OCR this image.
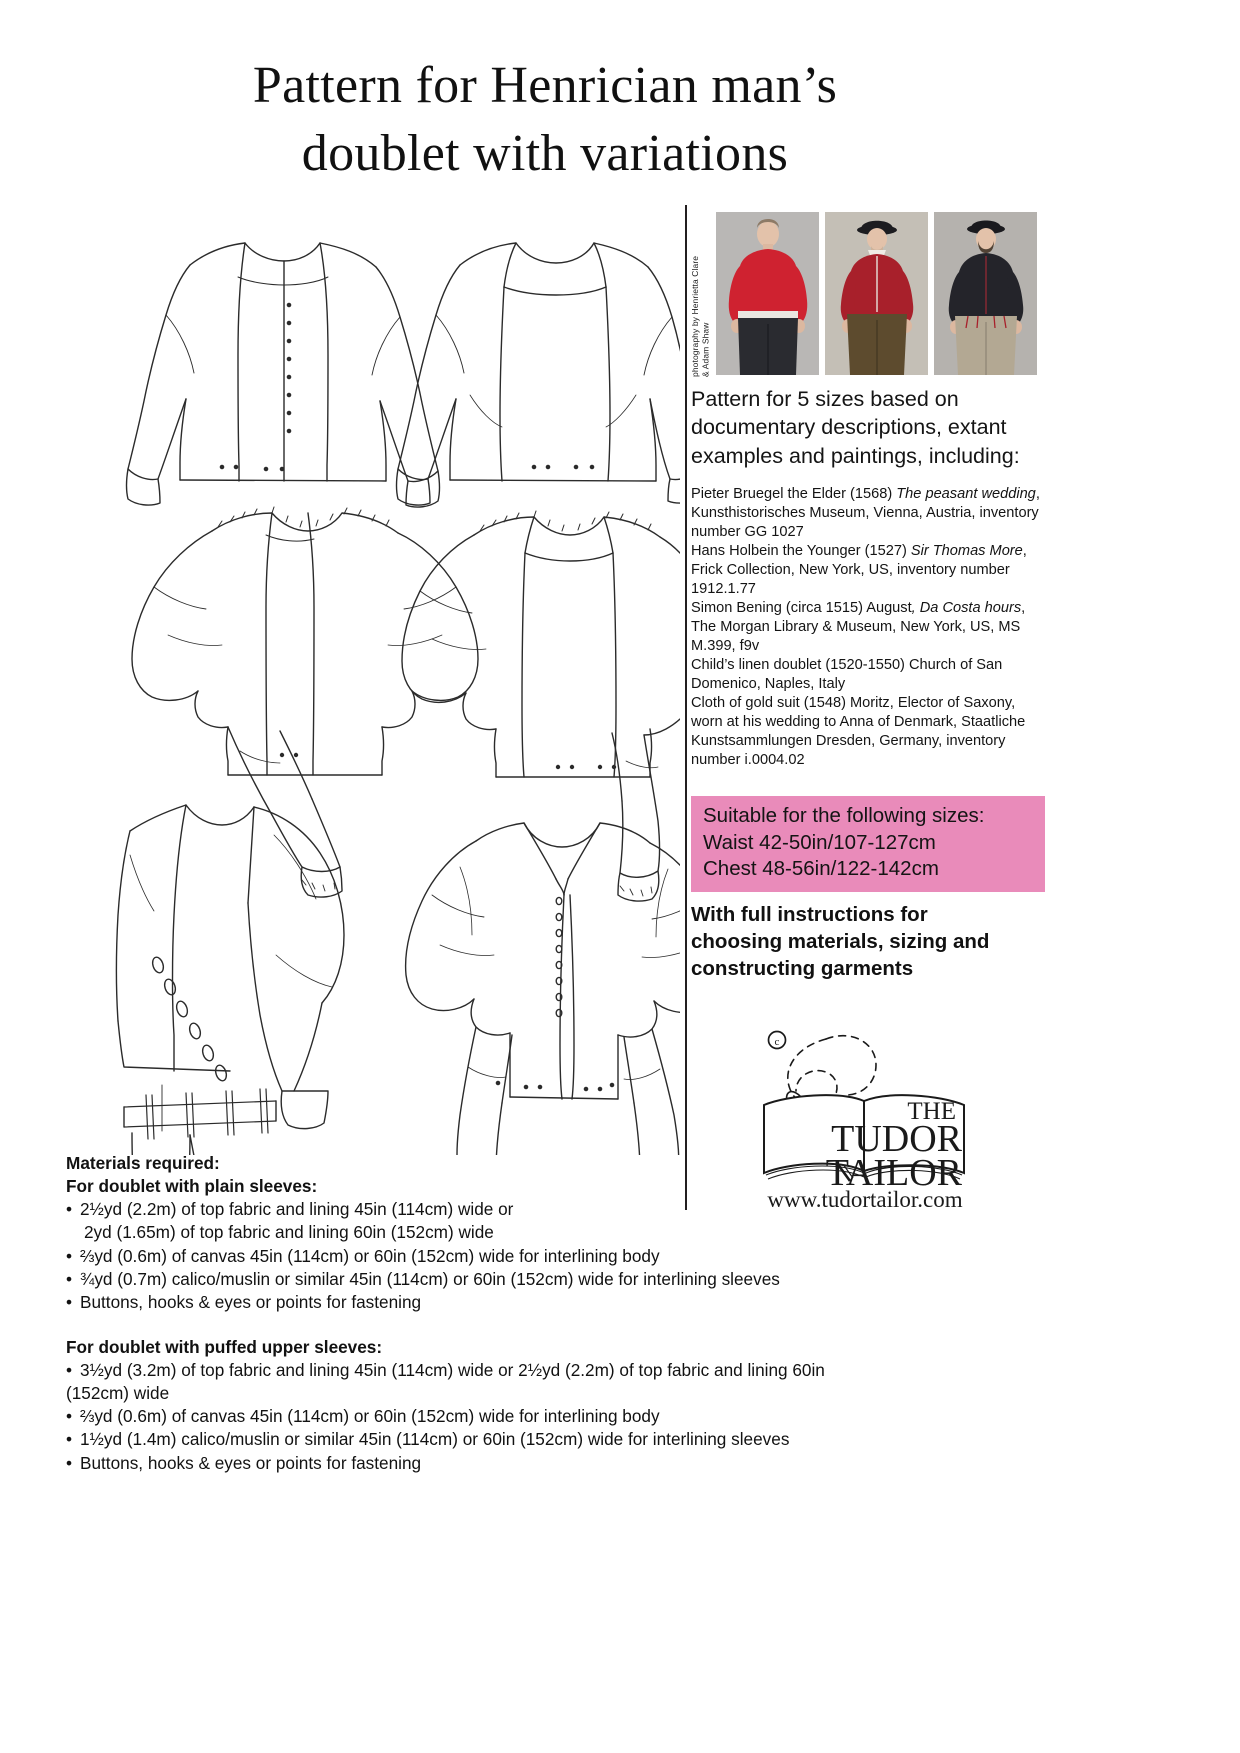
Pattern for Henrician man’s
doublet with variations
photography by Henrietta Clare
& Adam Shaw
Pattern for 5 sizes based on documentary descriptions, extant examples and paintings, including:
Pieter Bruegel the Elder (1568) The peasant wedding, Kunsthistorisches Museum, Vienna, Austria, inventory number GG 1027
Hans Holbein the Younger (1527) Sir Thomas More, Frick Collection, New York, US, inventory number 1912.1.77
Simon Bening (circa 1515) August, Da Costa hours, The Morgan Library & Museum, New York, US, MS M.399, f9v
Child’s linen doublet (1520-1550) Church of San Domenico, Naples, Italy
Cloth of gold suit (1548) Moritz, Elector of Saxony, worn at his wedding to Anna of Denmark, Staatliche Kunstsammlungen Dresden, Germany, inventory number i.0004.02
Suitable for the following sizes:
Waist 42-50in/107-127cm
Chest 48-56in/122-142cm
With full instructions for
choosing materials, sizing and
constructing garments
c
THE
TUDOR
TAILOR
www.tudortailor.com
Materials required:
For doublet with plain sleeves:
• 2½yd (2.2m) of top fabric and lining 45in (114cm) wide or
2yd (1.65m) of top fabric and lining 60in (152cm) wide
• ⅔yd (0.6m) of canvas 45in (114cm) or 60in (152cm) wide for interlining body
• ¾yd (0.7m) calico/muslin or similar 45in (114cm) or 60in (152cm) wide for interlining sleeves
• Buttons, hooks & eyes or points for fastening
For doublet with puffed upper sleeves:
• 3½yd (3.2m) of top fabric and lining 45in (114cm) wide or 2½yd (2.2m) of top fabric and lining 60in
(152cm) wide
• ⅔yd (0.6m) of canvas 45in (114cm) or 60in (152cm) wide for interlining body
• 1½yd (1.4m) calico/muslin or similar 45in (114cm) or 60in (152cm) wide for interlining sleeves
• Buttons, hooks & eyes or points for fastening
